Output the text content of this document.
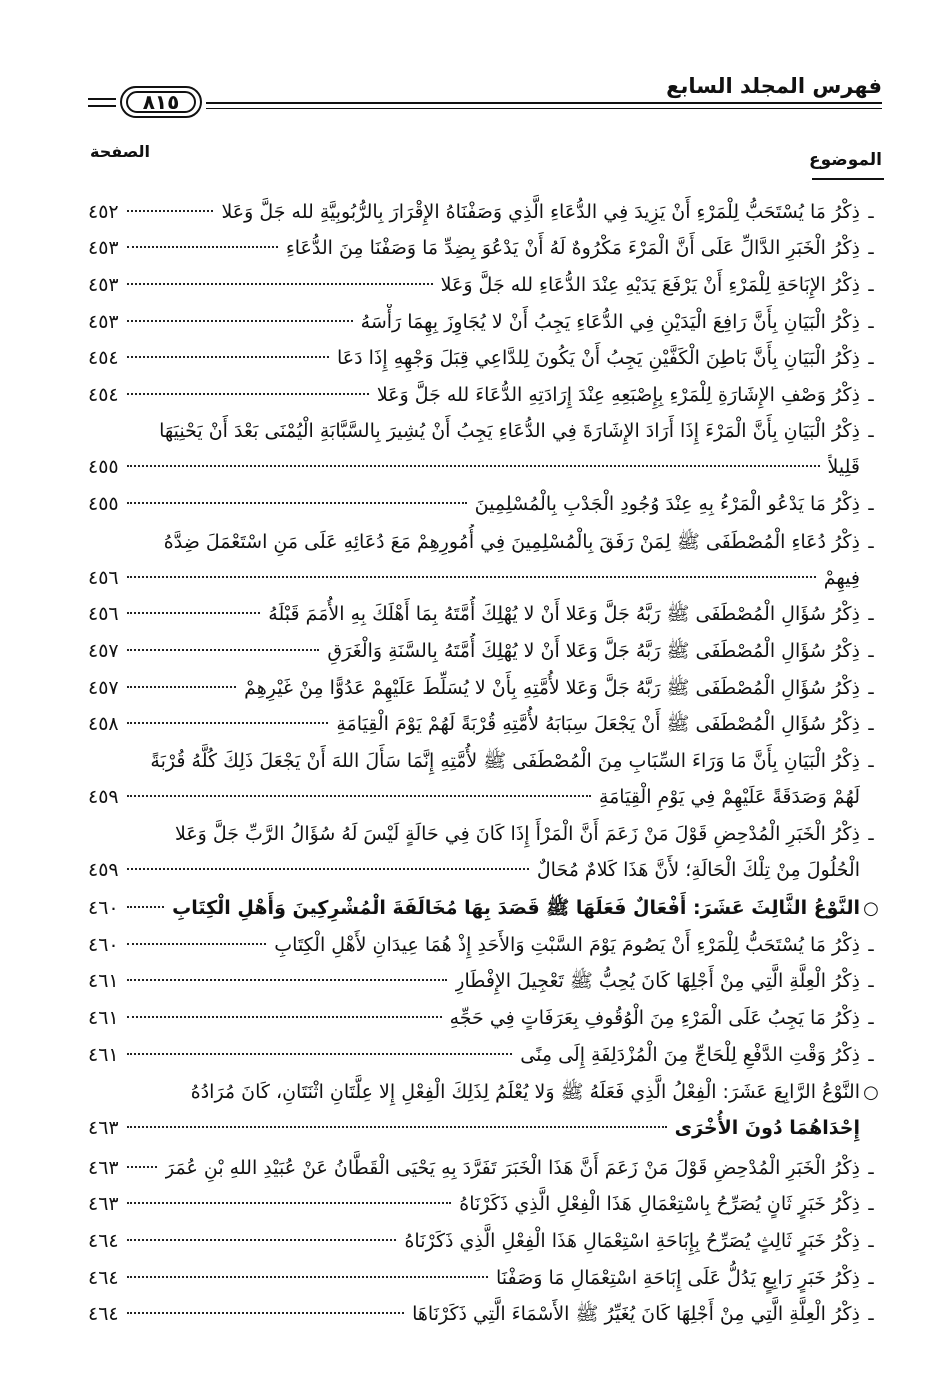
فهرس المجلد السابع
٨١٥
الموضوع
الصفحة
ـ
ذِكْرُ مَا يُسْتَحَبُّ لِلْمَرْءِ أَنْ يَزِيدَ فِي الدُّعَاءِ الَّذِي وَصَفْنَاهُ الإِقْرَارَ بِالرُّبُوبِيَّةِ لله جَلَّ وَعَلا
٤٥٢
ـ
ذِكْرُ الْخَبَرِ الدَّالِّ عَلَى أَنَّ الْمَرْءَ مَكْرُوهٌ لَهُ أَنْ يَدْعُوَ بِضِدِّ مَا وَصَفْنَا مِنَ الدُّعَاءِ
٤٥٣
ـ
ذِكْرُ الإِبَاحَةِ لِلْمَرْءِ أَنْ يَرْفَعَ يَدَيْهِ عِنْدَ الدُّعَاءِ لله جَلَّ وَعَلا
٤٥٣
ـ
ذِكْرُ الْبَيَانِ بِأَنَّ رَافِعَ الْيَدَيْنِ فِي الدُّعَاءِ يَجِبُ أَنْ لا يُجَاوِزَ بِهِمَا رَأْسَهُ
٤٥٣
ـ
ذِكْرُ الْبَيَانِ بِأَنَّ بَاطِنَ الْكَفَّيْنِ يَجِبُ أَنْ يَكُونَ لِلدَّاعِي قِبَلَ وَجْهِهِ إِذَا دَعَا
٤٥٤
ـ
ذِكْرُ وَصْفِ الإِشَارَةِ لِلْمَرْءِ بِإِصْبَعِهِ عِنْدَ إِرَادَتِهِ الدُّعَاءَ لله جَلَّ وَعَلا
٤٥٤
ـ
ذِكْرُ الْبَيَانِ بِأَنَّ الْمَرْءَ إِذَا أَرَادَ الإِشَارَةَ فِي الدُّعَاءِ يَجِبُ أَنْ يُشِيرَ بِالسَّبَّابَةِ الْيُمْنَى بَعْدَ أَنْ يَحْنِيَهَا
قَلِيلاً
٤٥٥
ـ
ذِكْرُ مَا يَدْعُو الْمَرْءُ بِهِ عِنْدَ وُجُودِ الْجَدْبِ بِالْمُسْلِمِينَ
٤٥٥
ـ
ذِكْرُ دُعَاءِ الْمُصْطَفَى ﷺ لِمَنْ رَفَقَ بِالْمُسْلِمِينَ فِي أُمُورِهِمْ مَعَ دُعَائِهِ عَلَى مَنِ اسْتَعْمَلَ ضِدَّهُ
فِيهِمْ
٤٥٦
ـ
ذِكْرُ سُؤَالِ الْمُصْطَفَى ﷺ رَبَّهُ جَلَّ وَعَلا أَنْ لا يُهْلِكَ أُمَّتَهُ بِمَا أَهْلَكَ بِهِ الأُمَمَ قَبْلَهُ
٤٥٦
ـ
ذِكْرُ سُؤَالِ الْمُصْطَفَى ﷺ رَبَّهُ جَلَّ وَعَلا أَنْ لا يُهْلِكَ أُمَّتَهُ بِالسَّنَةِ وَالْغَرَقِ
٤٥٧
ـ
ذِكْرُ سُؤَالِ الْمُصْطَفَى ﷺ رَبَّهُ جَلَّ وَعَلا لأُمَّتِهِ بِأَنْ لا يُسَلِّطَ عَلَيْهِمْ عَدُوًّا مِنْ غَيْرِهِمْ
٤٥٧
ـ
ذِكْرُ سُؤَالِ الْمُصْطَفَى ﷺ أَنْ يَجْعَلَ سِبَابَهُ لأُمَّتِهِ قُرْبَةً لَهُمْ يَوْمَ الْقِيَامَةِ
٤٥٨
ـ
ذِكْرُ الْبَيَانِ بِأَنَّ مَا وَرَاءَ السِّبَابِ مِنَ الْمُصْطَفَى ﷺ لأُمَّتِهِ إِنَّمَا سَأَلَ اللهَ أَنْ يَجْعَلَ ذَلِكَ كُلَّهُ قُرْبَةً
لَهُمْ وَصَدَقَةً عَلَيْهِمْ فِي يَوْمِ الْقِيَامَةِ
٤٥٩
ـ
ذِكْرُ الْخَبَرِ الْمُدْحِضِ قَوْلَ مَنْ زَعَمَ أَنَّ الْمَرْأَ إِذَا كَانَ فِي حَالَةٍ لَيْسَ لَهُ سُؤَالُ الرَّبِّ جَلَّ وَعَلا
الْحُلُولَ مِنْ تِلْكَ الْحَالَةِ؛ لأَنَّ هَذَا كَلامٌ مُحَالٌ
٤٥٩
○
النَّوْعُ الثَّالِثَ عَشَرَ: أَفْعَالٌ فَعَلَهَا ﷺ قَصَدَ بِهَا مُخَالَفَةَ الْمُشْرِكِينَ وَأَهْلِ الْكِتَابِ
٤٦٠
ـ
ذِكْرُ مَا يُسْتَحَبُّ لِلْمَرْءِ أَنْ يَصُومَ يَوْمَ السَّبْتِ وَالأَحَدِ إِذْ هُمَا عِيدَانِ لأَهْلِ الْكِتَابِ
٤٦٠
ـ
ذِكْرُ الْعِلَّةِ الَّتِي مِنْ أَجْلِهَا كَانَ يُحِبُّ ﷺ تَعْجِيلَ الإِفْطَارِ
٤٦١
ـ
ذِكْرُ مَا يَجِبُ عَلَى الْمَرْءِ مِنَ الْوُقُوفِ بِعَرَفَاتٍ فِي حَجِّهِ
٤٦١
ـ
ذِكْرُ وَقْتِ الدَّفْعِ لِلْحَاجِّ مِنَ الْمُزْدَلِفَةِ إِلَى مِنًى
٤٦١
○
النَّوْعُ الرَّابِعَ عَشَرَ: الْفِعْلُ الَّذِي فَعَلَهُ ﷺ وَلا يُعْلَمُ لِذَلِكَ الْفِعْلِ إِلا عِلَّتَانِ اثْنَتَانِ، كَانَ مُرَادُهُ
إِحْدَاهُمَا دُونَ الأُخْرَى
٤٦٣
ـ
ذِكْرُ الْخَبَرِ الْمُدْحِضِ قَوْلَ مَنْ زَعَمَ أَنَّ هَذَا الْخَبَرَ تَفَرَّدَ بِهِ يَحْيَى الْقَطَّانُ عَنْ عُبَيْدِ اللهِ بْنِ عُمَرَ
٤٦٣
ـ
ذِكْرُ خَبَرٍ ثَانٍ يُصَرِّحُ بِاسْتِعْمَالِ هَذَا الْفِعْلِ الَّذِي ذَكَرْنَاهُ
٤٦٣
ـ
ذِكْرُ خَبَرٍ ثَالِثٍ يُصَرِّحُ بِإِبَاحَةِ اسْتِعْمَالِ هَذَا الْفِعْلِ الَّذِي ذَكَرْنَاهُ
٤٦٤
ـ
ذِكْرُ خَبَرٍ رَابِعٍ يَدُلُّ عَلَى إِبَاحَةِ اسْتِعْمَالِ مَا وَصَفْنَا
٤٦٤
ـ
ذِكْرُ الْعِلَّةِ الَّتِي مِنْ أَجْلِهَا كَانَ يُغَيِّرُ ﷺ الأَسْمَاءَ الَّتِي ذَكَرْنَاهَا
٤٦٤
